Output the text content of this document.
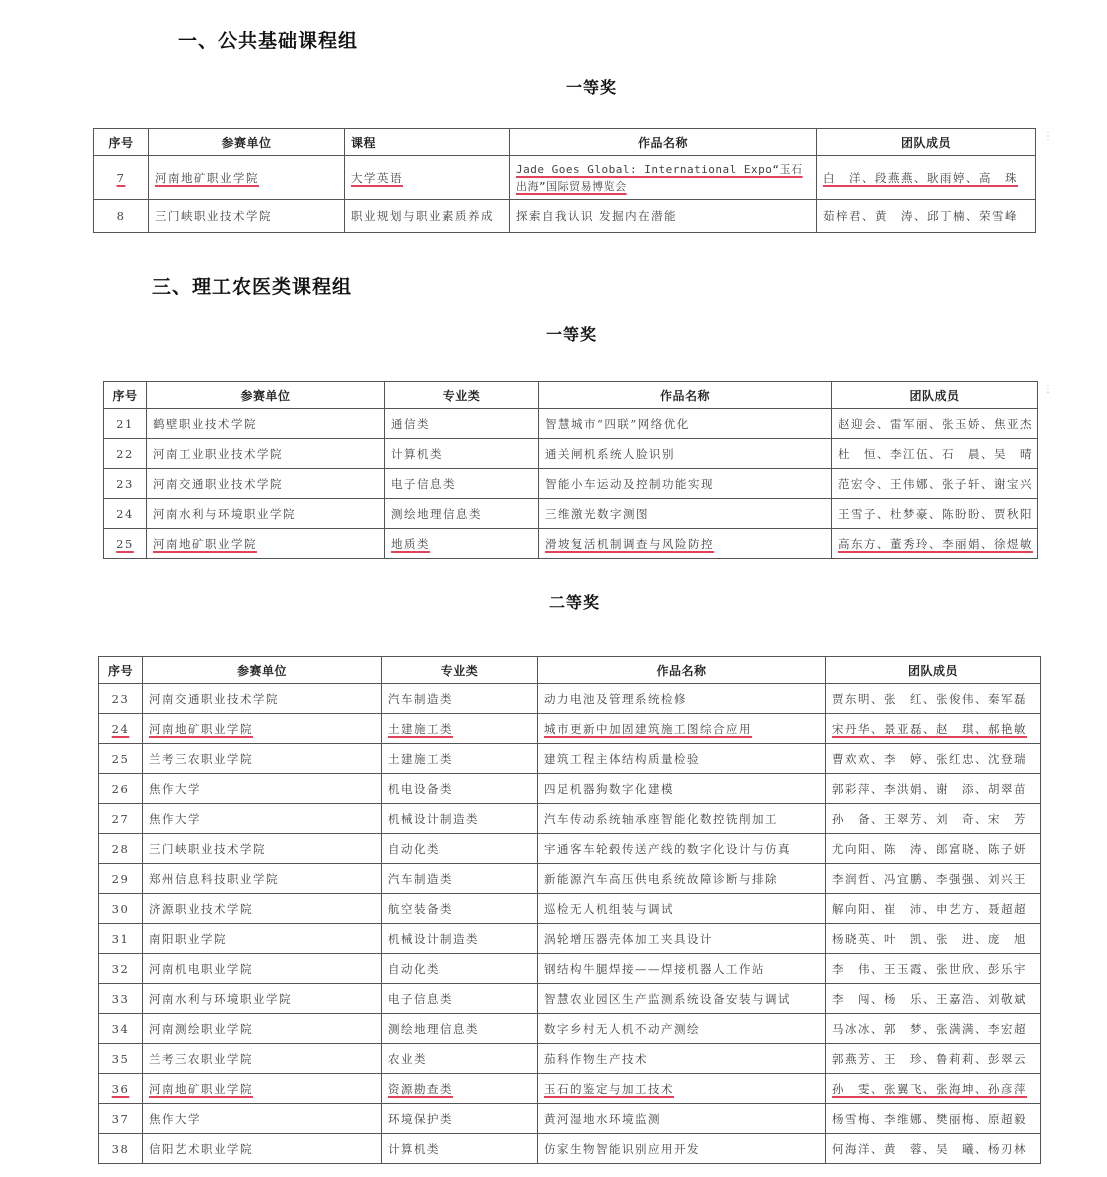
一、公共基础课程组
一等奖
序号	参赛单位	课程	作品名称	团队成员
7	河南地矿职业学院	大学英语	Jade Goes Global: International Expo“玉石出海”国际贸易博览会	白　洋、段燕燕、耿雨婷、高　珠
8	三门峡职业技术学院	职业规划与职业素质养成	探索自我认识 发掘内在潜能	茹梓君、黄　涛、邱丁楠、荣雪峰
⋮
三、理工农医类课程组
一等奖
序号	参赛单位	专业类	作品名称	团队成员
21	鹤壁职业技术学院	通信类	智慧城市“四联”网络优化	赵迎会、雷军丽、张玉娇、焦亚杰
22	河南工业职业技术学院	计算机类	通关闸机系统人脸识别	杜　恒、李江伍、石　晨、吴　晴
23	河南交通职业技术学院	电子信息类	智能小车运动及控制功能实现	范宏令、王伟娜、张子轩、谢宝兴
24	河南水利与环境职业学院	测绘地理信息类	三维激光数字测图	王雪子、杜梦豪、陈盼盼、贾秋阳
25	河南地矿职业学院	地质类	滑坡复活机制调查与风险防控	高东方、董秀玲、李丽娟、徐煜敏
⋮
二等奖
序号	参赛单位	专业类	作品名称	团队成员
23	河南交通职业技术学院	汽车制造类	动力电池及管理系统检修	贾东明、张　红、张俊伟、秦军磊
24	河南地矿职业学院	土建施工类	城市更新中加固建筑施工图综合应用	宋丹华、景亚磊、赵　琪、郝艳敏
25	兰考三农职业学院	土建施工类	建筑工程主体结构质量检验	曹欢欢、李　婷、张红忠、沈登瑞
26	焦作大学	机电设备类	四足机器狗数字化建模	郭彩萍、李洪娟、谢　添、胡翠苗
27	焦作大学	机械设计制造类	汽车传动系统轴承座智能化数控铣削加工	孙　备、王翠芳、刘　奇、宋　芳
28	三门峡职业技术学院	自动化类	宇通客车轮毂传送产线的数字化设计与仿真	尤向阳、陈　涛、郎富晓、陈子妍
29	郑州信息科技职业学院	汽车制造类	新能源汽车高压供电系统故障诊断与排除	李润哲、冯宜鹏、李强强、刘兴王
30	济源职业技术学院	航空装备类	巡检无人机组装与调试	解向阳、崔　沛、申艺方、聂超超
31	南阳职业学院	机械设计制造类	涡轮增压器壳体加工夹具设计	杨晓英、叶　凯、张　进、庞　旭
32	河南机电职业学院	自动化类	钢结构牛腿焊接——焊接机器人工作站	李　伟、王玉霞、张世欣、彭乐宇
33	河南水利与环境职业学院	电子信息类	智慧农业园区生产监测系统设备安装与调试	李　闯、杨　乐、王嘉浩、刘敬斌
34	河南测绘职业学院	测绘地理信息类	数字乡村无人机不动产测绘	马冰冰、郭　梦、张满满、李宏超
35	兰考三农职业学院	农业类	茄科作物生产技术	郭燕芳、王　珍、鲁莉莉、彭翠云
36	河南地矿职业学院	资源勘查类	玉石的鉴定与加工技术	孙　雯、张翼飞、张海坤、孙彦萍
37	焦作大学	环境保护类	黄河湿地水环境监测	杨雪梅、李维娜、樊丽梅、原超毅
38	信阳艺术职业学院	计算机类	仿家生物智能识别应用开发	何海洋、黄　蓉、吴　曦、杨刃林
